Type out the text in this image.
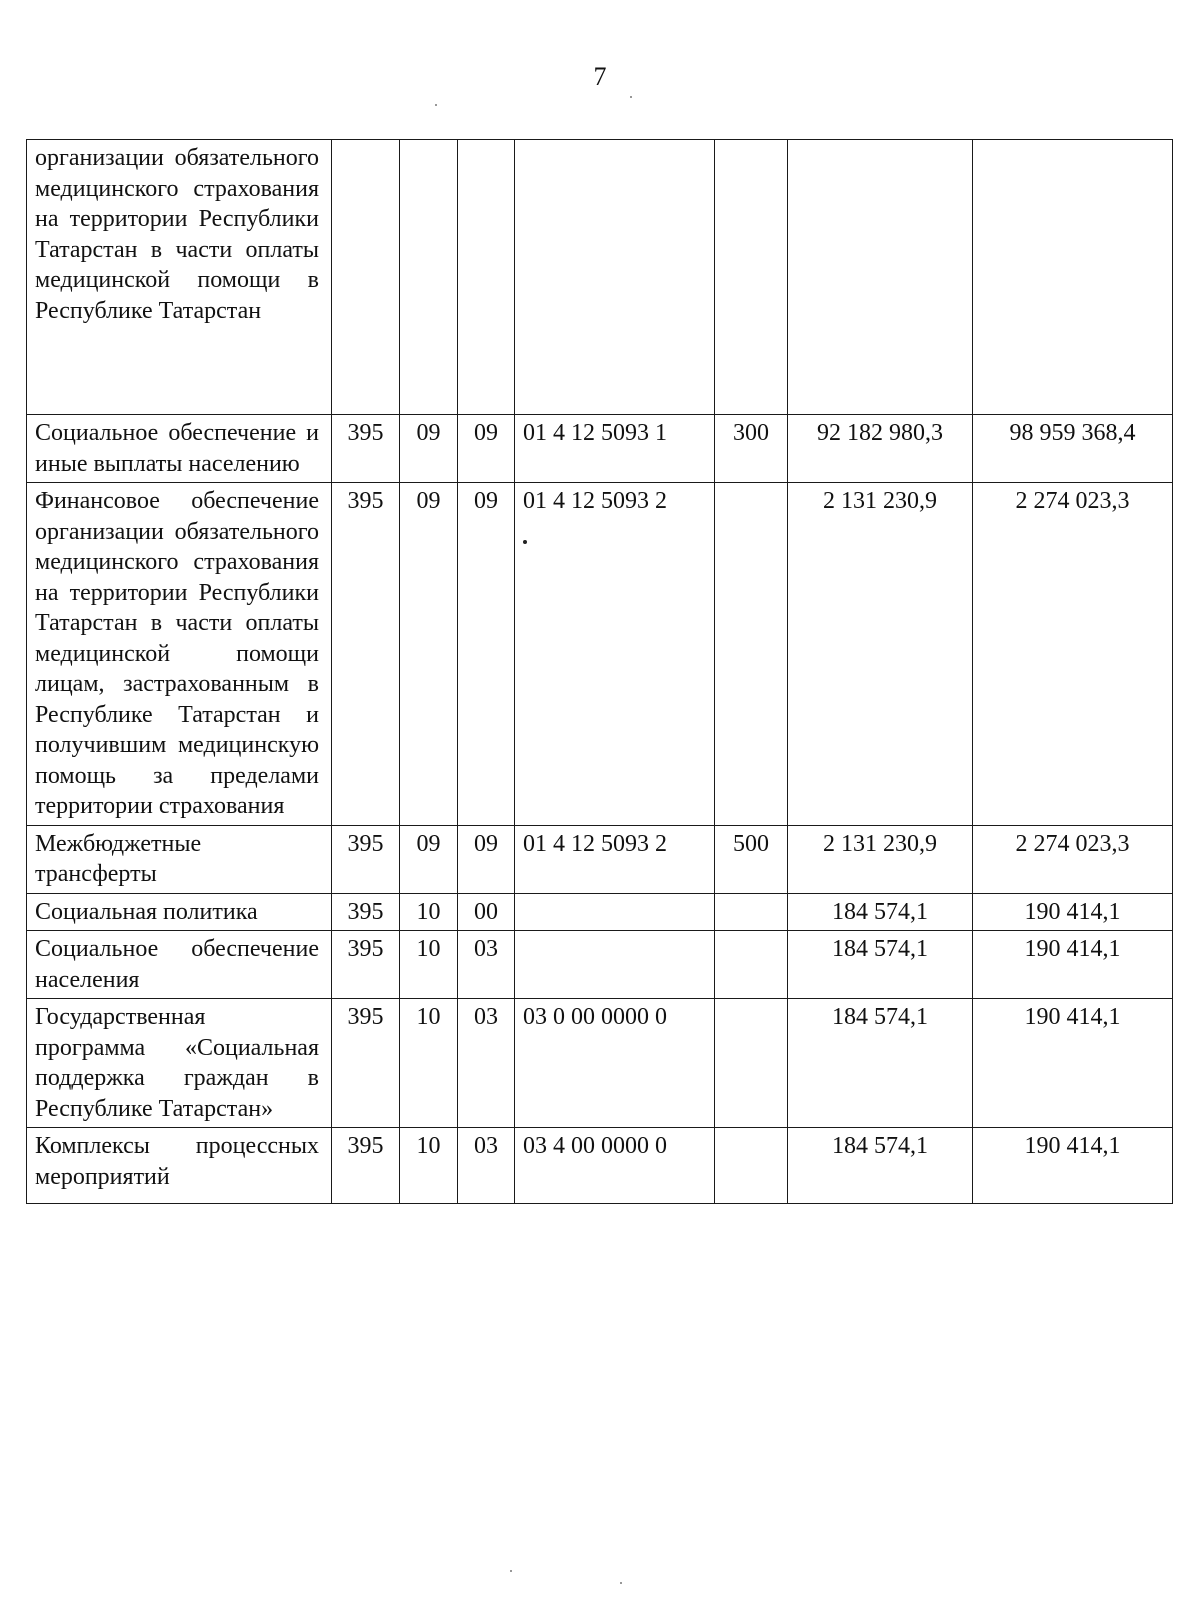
7
организации обязательного медицинского страхования на территории Республики Татарстан в части оплаты медицинской помощи в Республике Татарстан							
Социальное обеспечение и иные выплаты населению	395	09	09	01 4 12 5093 1	300	92 182 980,3	98 959 368,4
Финансовое обеспечение организации обязательного медицинского страхования на территории Республики Татарстан в части оплаты медицинской помощи лицам, застрахованным в Республике Татарстан и получившим медицинскую помощь за пределами территории страхования	395	09	09	01 4 12 5093 2		2 131 230,9	2 274 023,3
Межбюджетные трансферты	395	09	09	01 4 12 5093 2	500	2 131 230,9	2 274 023,3
Социальная политика	395	10	00			184 574,1	190 414,1
Социальное обеспечение населения	395	10	03			184 574,1	190 414,1
Государственная программа «Социальная поддержка граждан в Республике Татарстан»	395	10	03	03 0 00 0000 0		184 574,1	190 414,1
Комплексы процессных мероприятий	395	10	03	03 4 00 0000 0		184 574,1	190 414,1
